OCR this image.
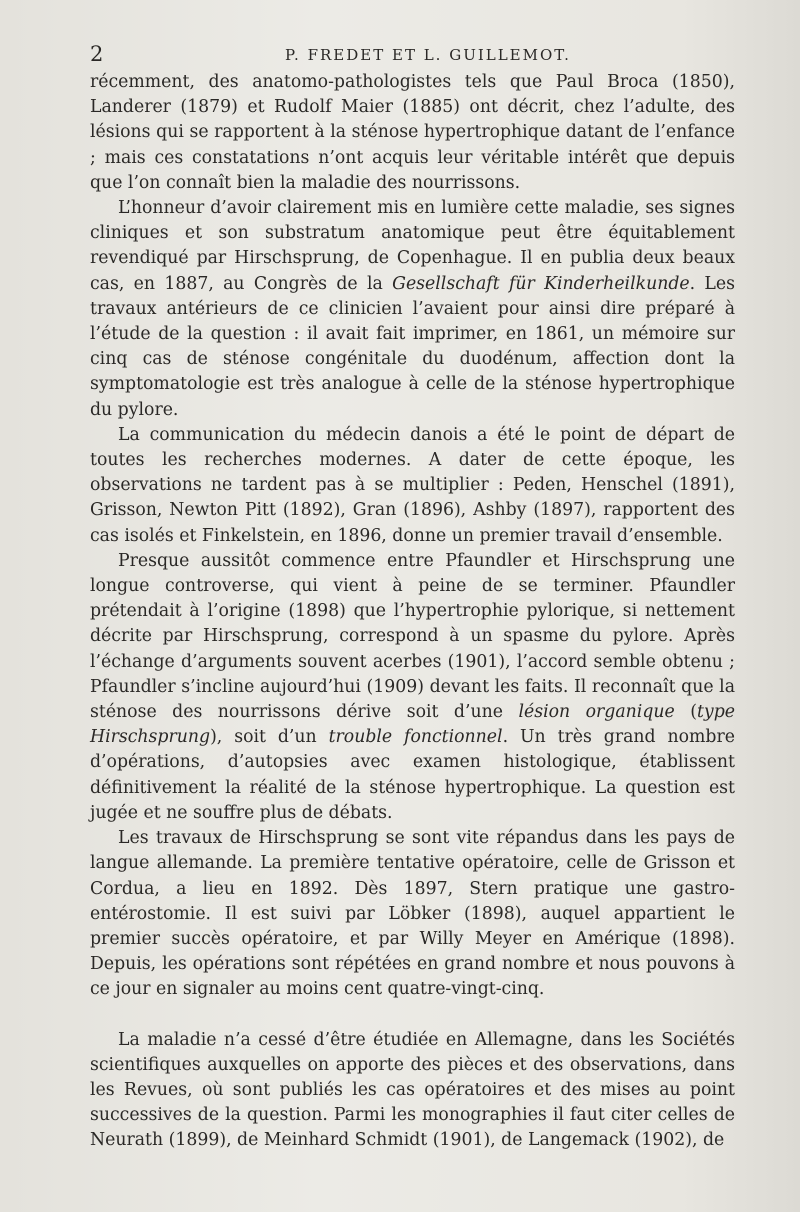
2	P. FREDET ET L. GUILLEMOT.

récemment, des anatomo-pathologistes tels que Paul Broca (1850), Landerer (1879) et Rudolf Maier (1885) ont décrit, chez l’adulte, des lésions qui se rapportent à la sténose hypertrophique datant de l’enfance ; mais ces constatations n’ont acquis leur véritable intérêt que depuis que l’on connaît bien la maladie des nourrissons.

L’honneur d’avoir clairement mis en lumière cette maladie, ses signes cliniques et son substratum anatomique peut être équitablement revendiqué par Hirschsprung, de Copenhague. Il en publia deux beaux cas, en 1887, au Congrès de la Gesellschaft für Kinderheilkunde. Les travaux antérieurs de ce clinicien l’avaient pour ainsi dire préparé à l’étude de la question : il avait fait imprimer, en 1861, un mémoire sur cinq cas de sténose congénitale du duodénum, affection dont la symptomatologie est très analogue à celle de la sténose hypertrophique du pylore.

La communication du médecin danois a été le point de départ de toutes les recherches modernes. A dater de cette époque, les observations ne tardent pas à se multiplier : Peden, Henschel (1891), Grisson, Newton Pitt (1892), Gran (1896), Ashby (1897), rapportent des cas isolés et Finkelstein, en 1896, donne un premier travail d’ensemble.

Presque aussitôt commence entre Pfaundler et Hirschsprung une longue controverse, qui vient à peine de se terminer. Pfaundler prétendait à l’origine (1898) que l’hypertrophie pylorique, si nettement décrite par Hirschsprung, correspond à un spasme du pylore. Après l’échange d’arguments souvent acerbes (1901), l’accord semble obtenu ; Pfaundler s’incline aujourd’hui (1909) devant les faits. Il reconnaît que la sténose des nourrissons dérive soit d’une lésion organique (type Hirschsprung), soit d’un trouble fonctionnel. Un très grand nombre d’opérations, d’autopsies avec examen histologique, établissent définitivement la réalité de la sténose hypertrophique. La question est jugée et ne souffre plus de débats.

Les travaux de Hirschsprung se sont vite répandus dans les pays de langue allemande. La première tentative opératoire, celle de Grisson et Cordua, a lieu en 1892. Dès 1897, Stern pratique une gastro-entérostomie. Il est suivi par Löbker (1898), auquel appartient le premier succès opératoire, et par Willy Meyer en Amérique (1898). Depuis, les opérations sont répétées en grand nombre et nous pouvons à ce jour en signaler au moins cent quatre-vingt-cinq.

La maladie n’a cessé d’être étudiée en Allemagne, dans les Sociétés scientifiques auxquelles on apporte des pièces et des observations, dans les Revues, où sont publiés les cas opératoires et des mises au point successives de la question. Parmi les monographies il faut citer celles de Neurath (1899), de Meinhard Schmidt (1901), de Langemack (1902), de
